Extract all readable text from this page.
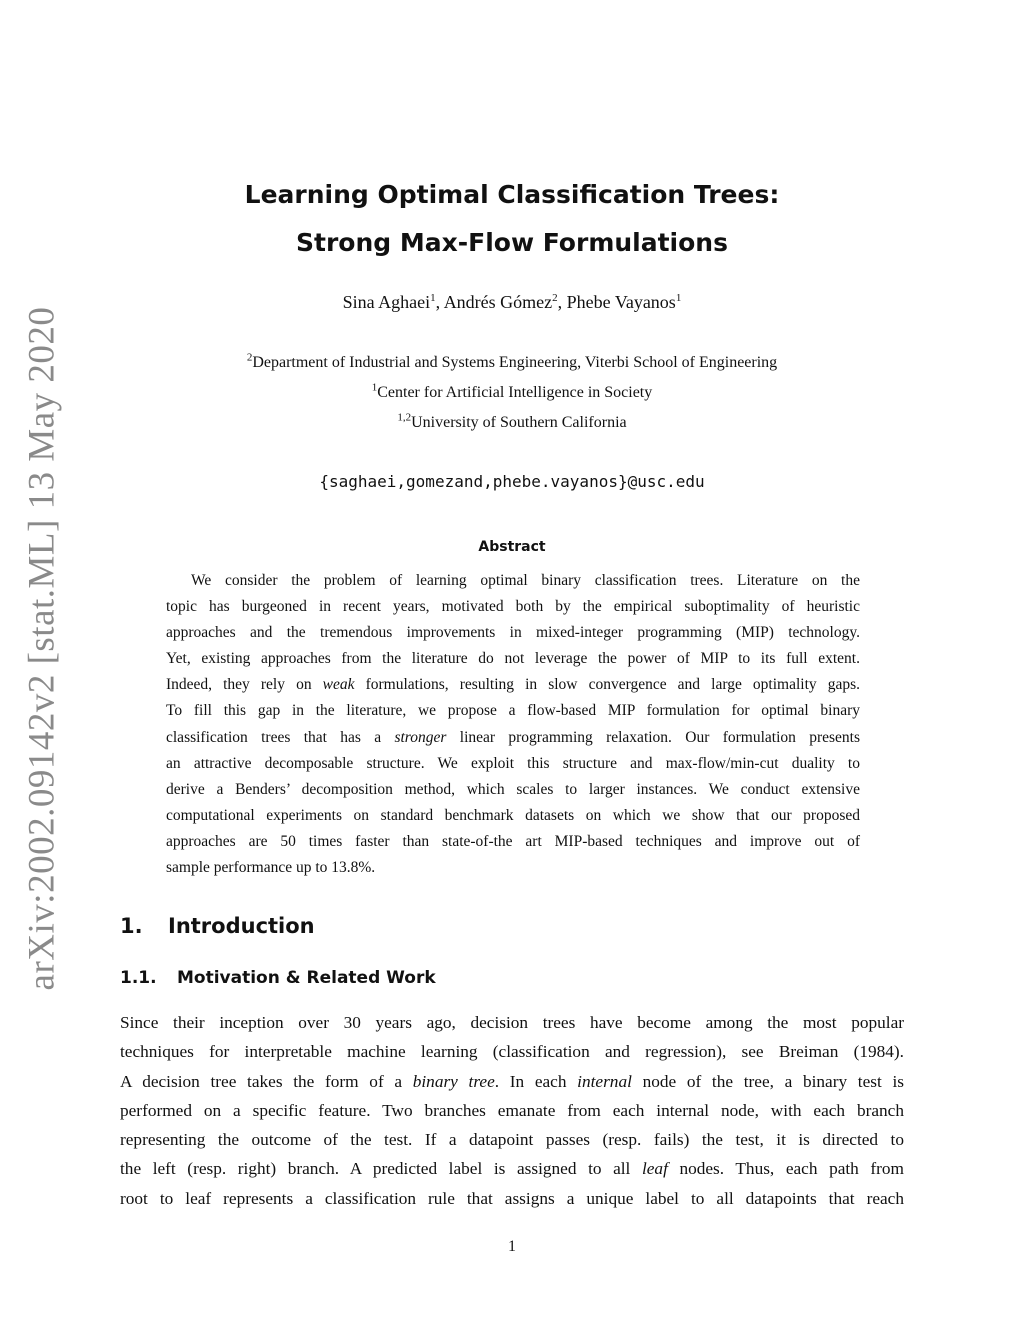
arXiv:2002.09142v2 [stat.ML] 13 May 2020
Learning Optimal Classification Trees:
Strong Max-Flow Formulations
Sina Aghaei$^1$, Andrés Gómez$^2$, Phebe Vayanos$^1$
$^2$Department of Industrial and Systems Engineering, Viterbi School of Engineering
$^1$Center for Artificial Intelligence in Society
$^{1,2}$University of Southern California
{saghaei,gomezand,phebe.vayanos}@usc.edu
Abstract
We consider the problem of learning optimal binary classification trees. Literature on the
topic has burgeoned in recent years, motivated both by the empirical suboptimality of heuristic
approaches and the tremendous improvements in mixed-integer programming (MIP) technology.
Yet, existing approaches from the literature do not leverage the power of MIP to its full extent.
Indeed, they rely on weak formulations, resulting in slow convergence and large optimality gaps.
To fill this gap in the literature, we propose a flow-based MIP formulation for optimal binary
classification trees that has a stronger linear programming relaxation. Our formulation presents
an attractive decomposable structure. We exploit this structure and max-flow/min-cut duality to
derive a Benders’ decomposition method, which scales to larger instances. We conduct extensive
computational experiments on standard benchmark datasets on which we show that our proposed
approaches are 50 times faster than state-of-the art MIP-based techniques and improve out of
sample performance up to 13.8%.
1. Introduction
1.1. Motivation & Related Work
Since their inception over 30 years ago, decision trees have become among the most popular
techniques for interpretable machine learning (classification and regression), see Breiman (1984).
A decision tree takes the form of a binary tree. In each internal node of the tree, a binary test is
performed on a specific feature. Two branches emanate from each internal node, with each branch
representing the outcome of the test. If a datapoint passes (resp. fails) the test, it is directed to
the left (resp. right) branch. A predicted label is assigned to all leaf nodes. Thus, each path from
root to leaf represents a classification rule that assigns a unique label to all datapoints that reach
1
